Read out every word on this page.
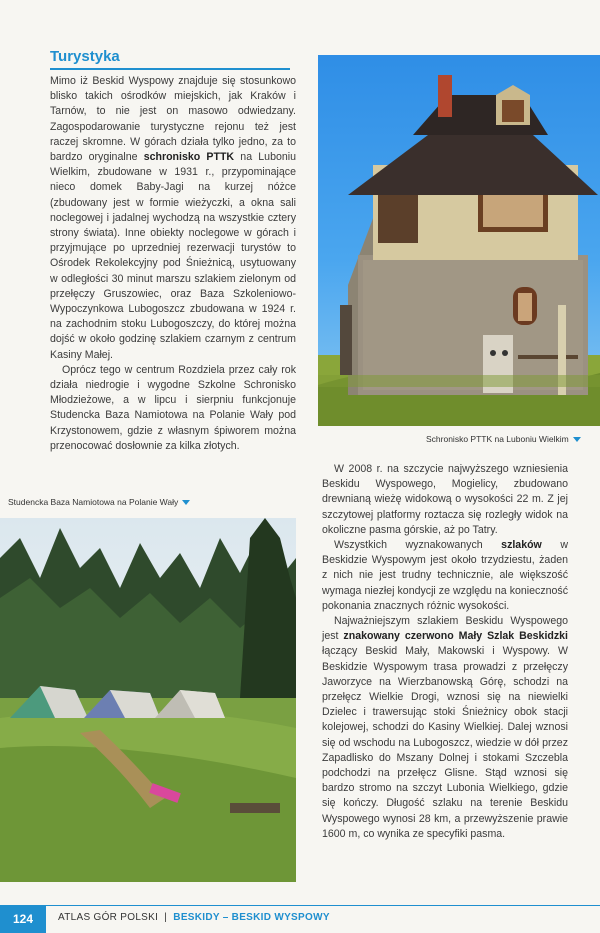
Turystyka

Mimo iż Beskid Wyspowy znajduje się stosunkowo blisko takich ośrodków miejskich, jak Kraków i Tarnów, to nie jest on masowo odwiedzany. Zagospodarowanie turystyczne rejonu też jest raczej skromne. W górach działa tylko jedno, za to bardzo oryginalne schronisko PTTK na Luboniu Wielkim, zbudowane w 1931 r., przypominające nieco domek Baby-Jagi na kurzej nóżce (zbudowany jest w formie wieżyczki, a okna sali noclegowej i jadalnej wychodzą na wszystkie cztery strony świata). Inne obiekty noclegowe w górach i przyjmujące po uprzedniej rezerwacji turystów to Ośrodek Rekolekcyjny pod Śnieżnicą, usytuowany w odległości 30 minut marszu szlakiem zielonym od przełęczy Gruszowiec, oraz Baza Szkoleniowo-Wypoczynkowa Lubogoszcz zbudowana w 1924 r. na zachodnim stoku Lubogoszczy, do której można dojść w około godzinę szlakiem czarnym z centrum Kasiny Małej.

Oprócz tego w centrum Rozdziela przez cały rok działa niedrogie i wygodne Szkolne Schronisko Młodzieżowe, a w lipcu i sierpniu funkcjonuje Studencka Baza Namiotowa na Polanie Wały pod Krzystonowem, gdzie z własnym śpiworem można przenocować dosłownie za kilka złotych.

Studencka Baza Namiotowa na Polanie Wały
Schronisko PTTK na Luboniu Wielkim

W 2008 r. na szczycie najwyższego wzniesienia Beskidu Wyspowego, Mogielicy, zbudowano drewnianą wieżę widokową o wysokości 22 m. Z jej szczytowej platformy roztacza się rozległy widok na okoliczne pasma górskie, aż po Tatry.

Wszystkich wyznakowanych szlaków w Beskidzie Wyspowym jest około trzydziestu, żaden z nich nie jest trudny technicznie, ale większość wymaga niezłej kondycji ze względu na konieczność pokonania znacznych różnic wysokości.

Najważniejszym szlakiem Beskidu Wyspowego jest znakowany czerwono Mały Szlak Beskidzki łączący Beskid Mały, Makowski i Wyspowy. W Beskidzie Wyspowym trasa prowadzi z przełęczy Jaworzyce na Wierzbanowską Górę, schodzi na przełęcz Wielkie Drogi, wznosi się na niewielki Dzielec i trawersując stoki Śnieżnicy obok stacji kolejowej, schodzi do Kasiny Wielkiej. Dalej wznosi się od wschodu na Lubogoszcz, wiedzie w dół przez Zapadlisko do Mszany Dolnej i stokami Szczebla podchodzi na przełęcz Glisne. Stąd wznosi się bardzo stromo na szczyt Lubonia Wielkiego, gdzie się kończy. Długość szlaku na terenie Beskidu Wyspowego wynosi 28 km, a przewyższenie prawie 1600 m, co wynika ze specyfiki pasma.

124	ATLAS GÓR POLSKI | BESKIDY – BESKID WYSPOWY
